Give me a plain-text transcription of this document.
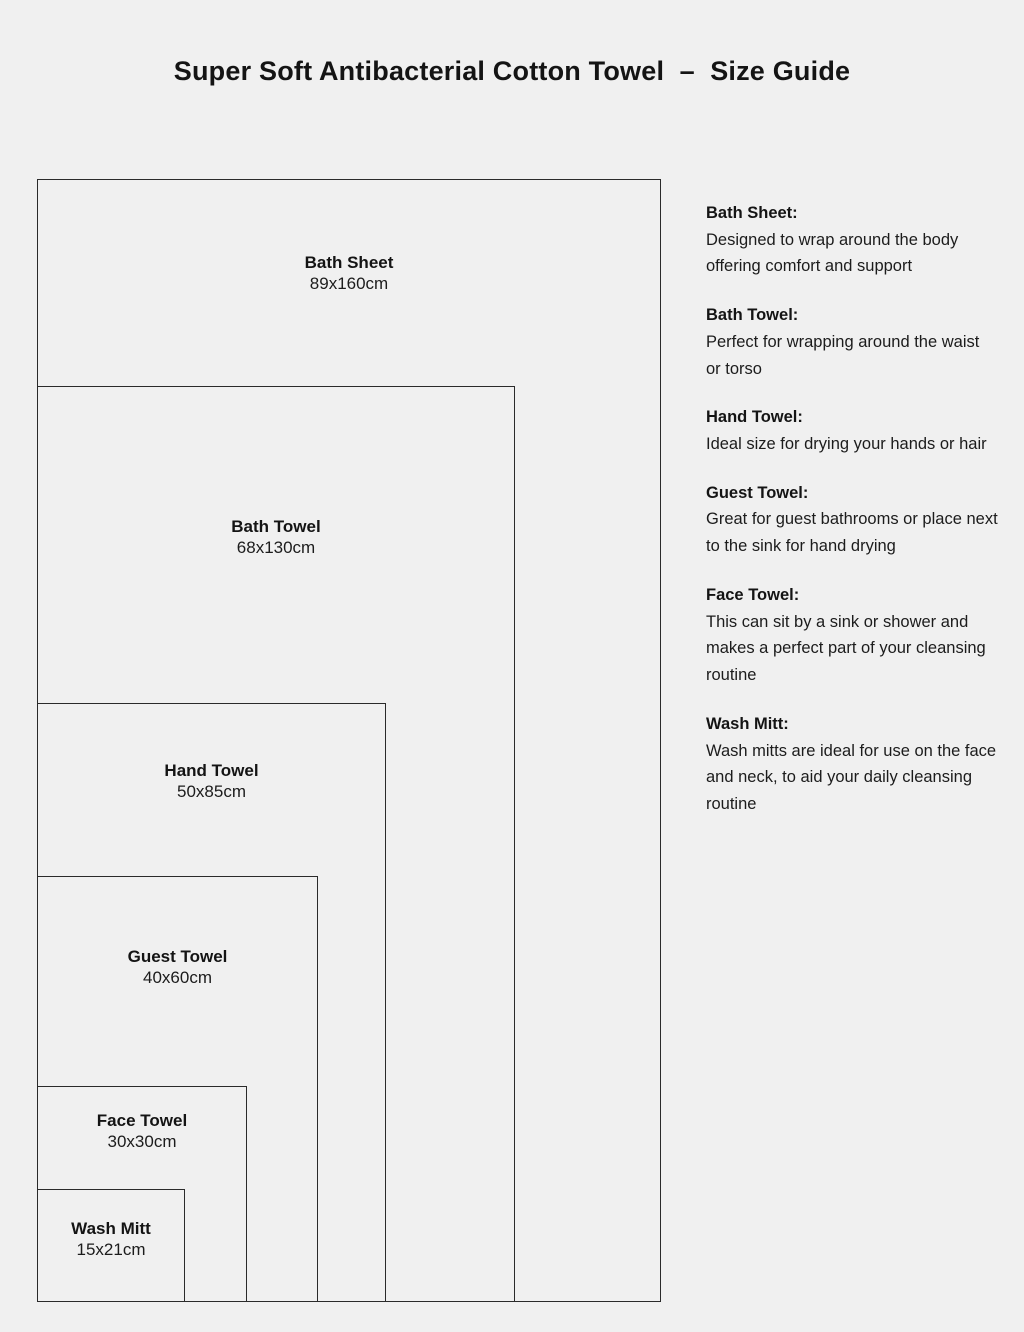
Super Soft Antibacterial Cotton Towel  –  Size Guide
Bath Sheet
89x160cm
Bath Towel
68x130cm
Hand Towel
50x85cm
Guest Towel
40x60cm
Face Towel
30x30cm
Wash Mitt
15x21cm
Bath Sheet:
Designed to wrap around the body offering comfort and support
Bath Towel:
Perfect for wrapping around the waist or torso
Hand Towel:
Ideal size for drying your hands or hair
Guest Towel:
Great for guest bathrooms or place next to the sink for hand drying
Face Towel:
This can sit by a sink or shower and makes a perfect part of your cleansing routine
Wash Mitt:
Wash mitts are ideal for use on the face and neck, to aid your daily cleansing routine
